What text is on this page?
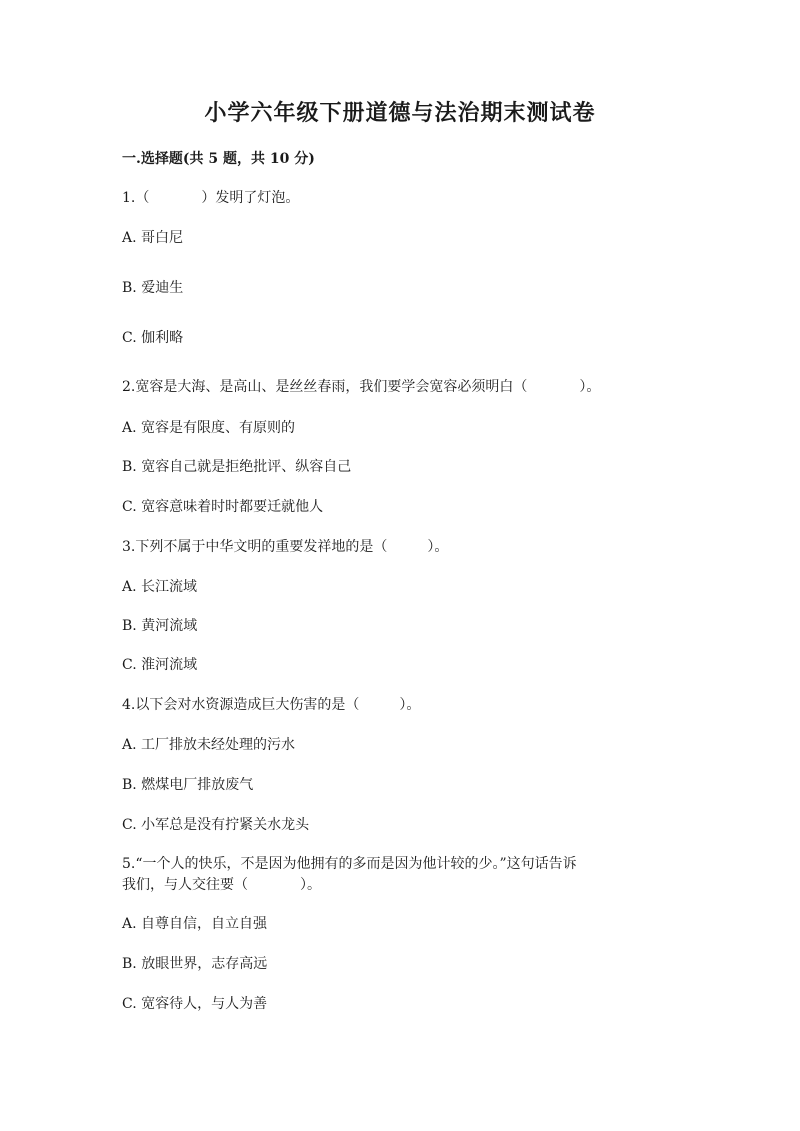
小学六年级下册道德与法治期末测试卷
一.选择题(共 5 题，共 10 分)
1.（	）发明了灯泡。
A. 哥白尼
B. 爱迪生
C. 伽利略
2.宽容是大海、是高山、是丝丝春雨，我们要学会宽容必须明白（	）。
A. 宽容是有限度、有原则的
B. 宽容自己就是拒绝批评、纵容自己
C. 宽容意味着时时都要迁就他人
3.下列不属于中华文明的重要发祥地的是（	）。
A. 长江流域
B. 黄河流域
C. 淮河流域
4.以下会对水资源造成巨大伤害的是（	）。
A. 工厂排放未经处理的污水
B. 燃煤电厂排放废气
C. 小军总是没有拧紧关水龙头
5.“一个人的快乐，不是因为他拥有的多而是因为他计较的少。”这句话告诉
我们，与人交往要（	）。
A. 自尊自信，自立自强
B. 放眼世界，志存高远
C. 宽容待人，与人为善
